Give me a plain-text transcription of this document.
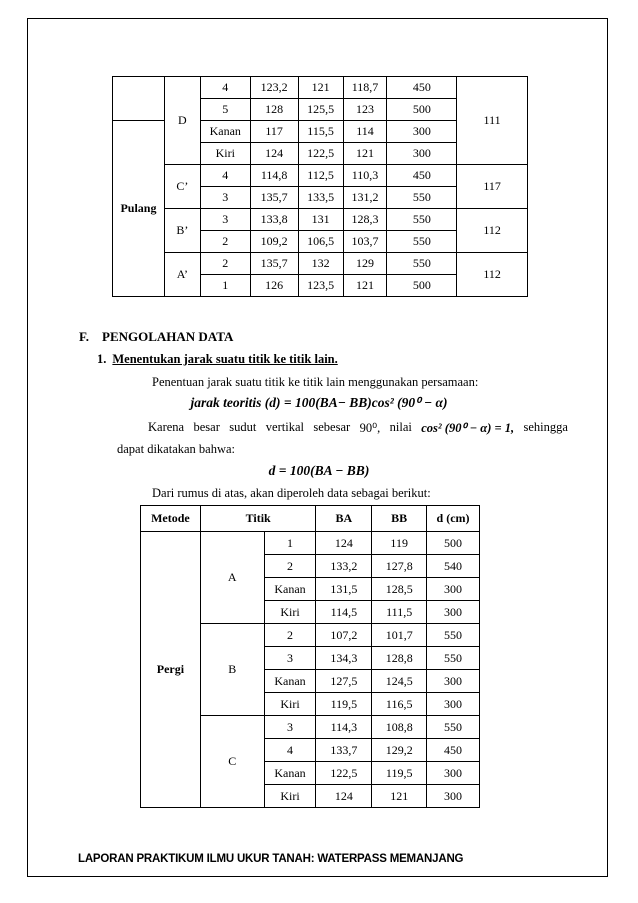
	D	4	123,2	121	118,7	450	111
		5	128	125,5	123	500	
Pulang		Kanan	117	115,5	114	300	
		Kiri	124	122,5	121	300	
	C’	4	114,8	112,5	110,3	450	117
		3	135,7	133,5	131,2	550	
	B’	3	133,8	131	128,3	550	112
		2	109,2	106,5	103,7	550	
	A’	2	135,7	132	129	550	112
		1	126	123,5	121	500	
F. PENGOLAHAN DATA
1. Menentukan jarak suatu titik ke titik lain.
Penentuan jarak suatu titik ke titik lain menggunakan persamaan:
jarak teoritis (d) = 100(BA− BB)cos² (90⁰ − α)
Karena besar sudut vertikal sebesar 90⁰, nilai cos² (90⁰ − α) = 1, sehingga
dapat dikatakan bahwa:
d = 100(BA − BB)
Dari rumus di atas, akan diperoleh data sebagai berikut:
Metode	Titik		BA	BB	d (cm)
Pergi	A	1	124	119	500
		2	133,2	127,8	540
		Kanan	131,5	128,5	300
		Kiri	114,5	111,5	300
	B	2	107,2	101,7	550
		3	134,3	128,8	550
		Kanan	127,5	124,5	300
		Kiri	119,5	116,5	300
	C	3	114,3	108,8	550
		4	133,7	129,2	450
		Kanan	122,5	119,5	300
		Kiri	124	121	300
LAPORAN PRAKTIKUM ILMU UKUR TANAH: WATERPASS MEMANJANG
